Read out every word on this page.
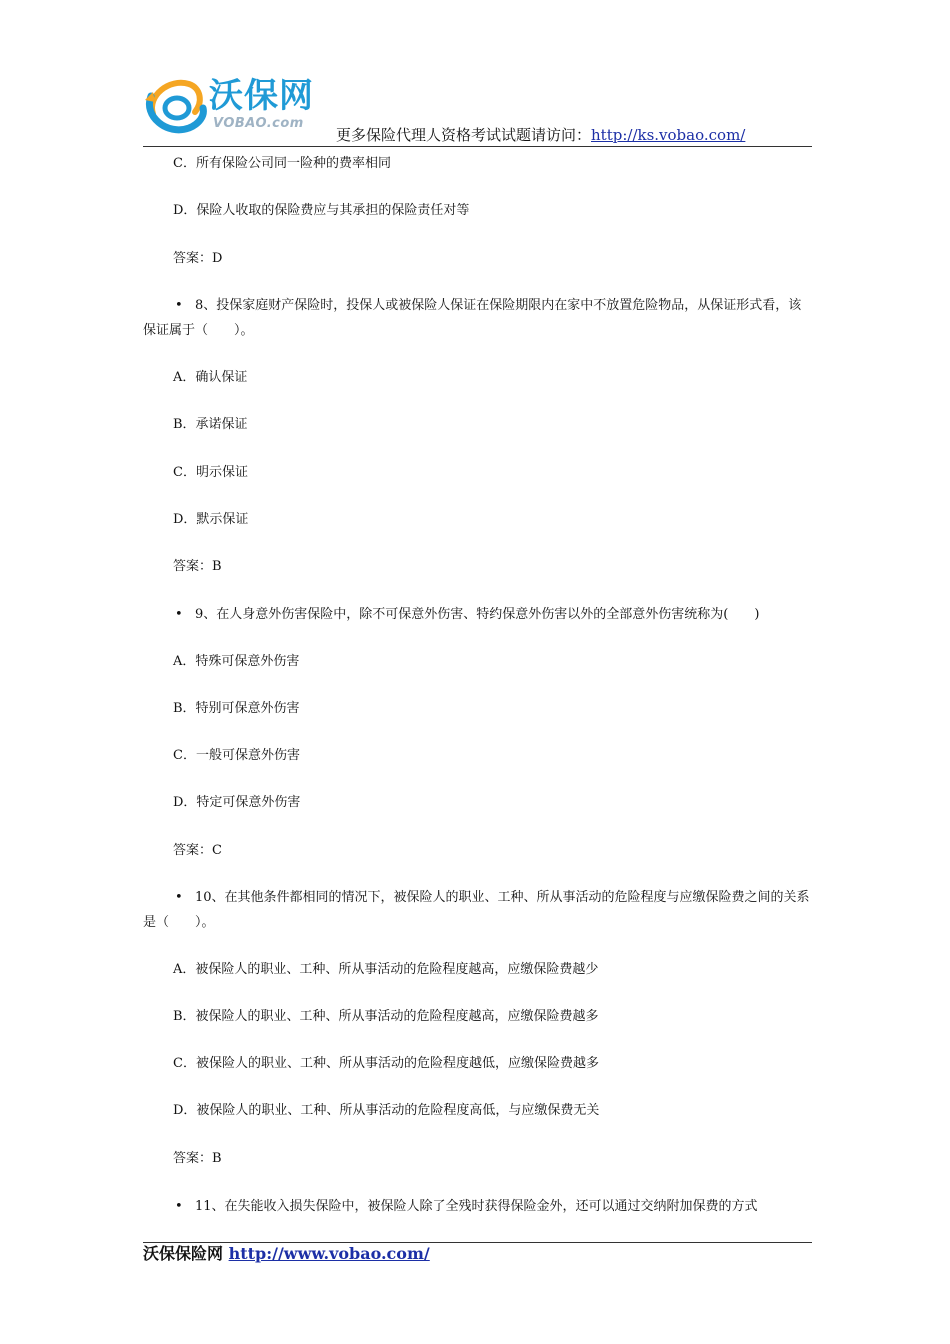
沃保网
VOBAO.com
更多保险代理人资格考试试题请访问：http://ks.vobao.com/
C．所有保险公司同一险种的费率相同
D．保险人收取的保险费应与其承担的保险责任对等
答案：D
• 8、投保家庭财产保险时，投保人或被保险人保证在保险期限内在家中不放置危险物品，从保证形式看，该保证属于（　　）。
A．确认保证
B．承诺保证
C．明示保证
D．默示保证
答案：B
• 9、在人身意外伤害保险中，除不可保意外伤害、特约保意外伤害以外的全部意外伤害统称为(　　)
A．特殊可保意外伤害
B．特别可保意外伤害
C．一般可保意外伤害
D．特定可保意外伤害
答案：C
• 10、在其他条件都相同的情况下，被保险人的职业、工种、所从事活动的危险程度与应缴保险费之间的关系是（　　）。
A．被保险人的职业、工种、所从事活动的危险程度越高，应缴保险费越少
B．被保险人的职业、工种、所从事活动的危险程度越高，应缴保险费越多
C．被保险人的职业、工种、所从事活动的危险程度越低，应缴保险费越多
D．被保险人的职业、工种、所从事活动的危险程度高低，与应缴保费无关
答案：B
• 11、在失能收入损失保险中，被保险人除了全残时获得保险金外，还可以通过交纳附加保费的方式
沃保保险网 http://www.vobao.com/
